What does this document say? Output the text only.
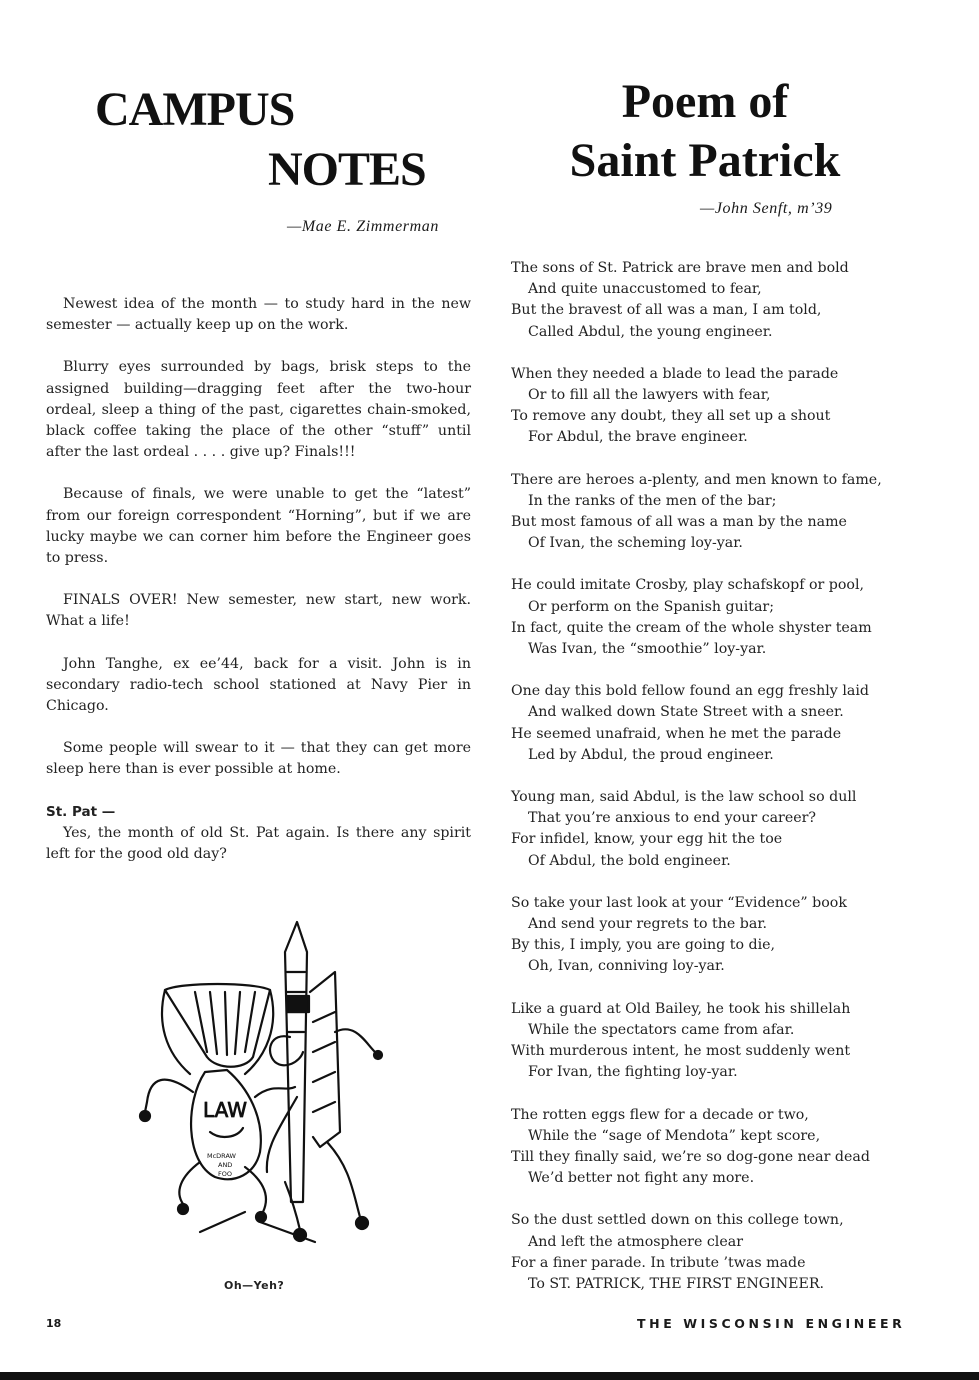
CAMPUS
NOTES
—Mae E. Zimmerman
Poem of
Saint Patrick
—John Senft, m’39

Newest idea of the month — to study hard in the new semester — actually keep up on the work.

Blurry eyes surrounded by bags, brisk steps to the assigned building—dragging feet after the two-hour ordeal, sleep a thing of the past, cigarettes chain-smoked, black coffee taking the place of the other “stuff” until after the last ordeal . . . . give up? Finals!!!

Because of finals, we were unable to get the “latest” from our foreign correspondent “Horning”, but if we are lucky maybe we can corner him before the Engineer goes to press.

FINALS OVER! New semester, new start, new work. What a life!

John Tanghe, ex ee’44, back for a visit. John is in secondary radio-tech school stationed at Navy Pier in Chicago.

Some people will swear to it — that they can get more sleep here than is ever possible at home.

St. Pat —

Yes, the month of old St. Pat again. Is there any spirit left for the good old day?

LAW
McDRAW
AND
FOO
Oh—Yeh?
The sons of St. Patrick are brave men and bold
And quite unaccustomed to fear,
But the bravest of all was a man, I am told,
Called Abdul, the young engineer.
When they needed a blade to lead the parade
Or to fill all the lawyers with fear,
To remove any doubt, they all set up a shout
For Abdul, the brave engineer.
There are heroes a-plenty, and men known to fame,
In the ranks of the men of the bar;
But most famous of all was a man by the name
Of Ivan, the scheming loy-yar.
He could imitate Crosby, play schafskopf or pool,
Or perform on the Spanish guitar;
In fact, quite the cream of the whole shyster team
Was Ivan, the “smoothie” loy-yar.
One day this bold fellow found an egg freshly laid
And walked down State Street with a sneer.
He seemed unafraid, when he met the parade
Led by Abdul, the proud engineer.
Young man, said Abdul, is the law school so dull
That you’re anxious to end your career?
For infidel, know, your egg hit the toe
Of Abdul, the bold engineer.
So take your last look at your “Evidence” book
And send your regrets to the bar.
By this, I imply, you are going to die,
Oh, Ivan, conniving loy-yar.
Like a guard at Old Bailey, he took his shillelah
While the spectators came from afar.
With murderous intent, he most suddenly went
For Ivan, the fighting loy-yar.
The rotten eggs flew for a decade or two,
While the “sage of Mendota” kept score,
Till they finally said, we’re so dog-gone near dead
We’d better not fight any more.
So the dust settled down on this college town,
And left the atmosphere clear
For a finer parade. In tribute ’twas made
To ST. PATRICK, THE FIRST ENGINEER.
18	THE WISCONSIN ENGINEER
